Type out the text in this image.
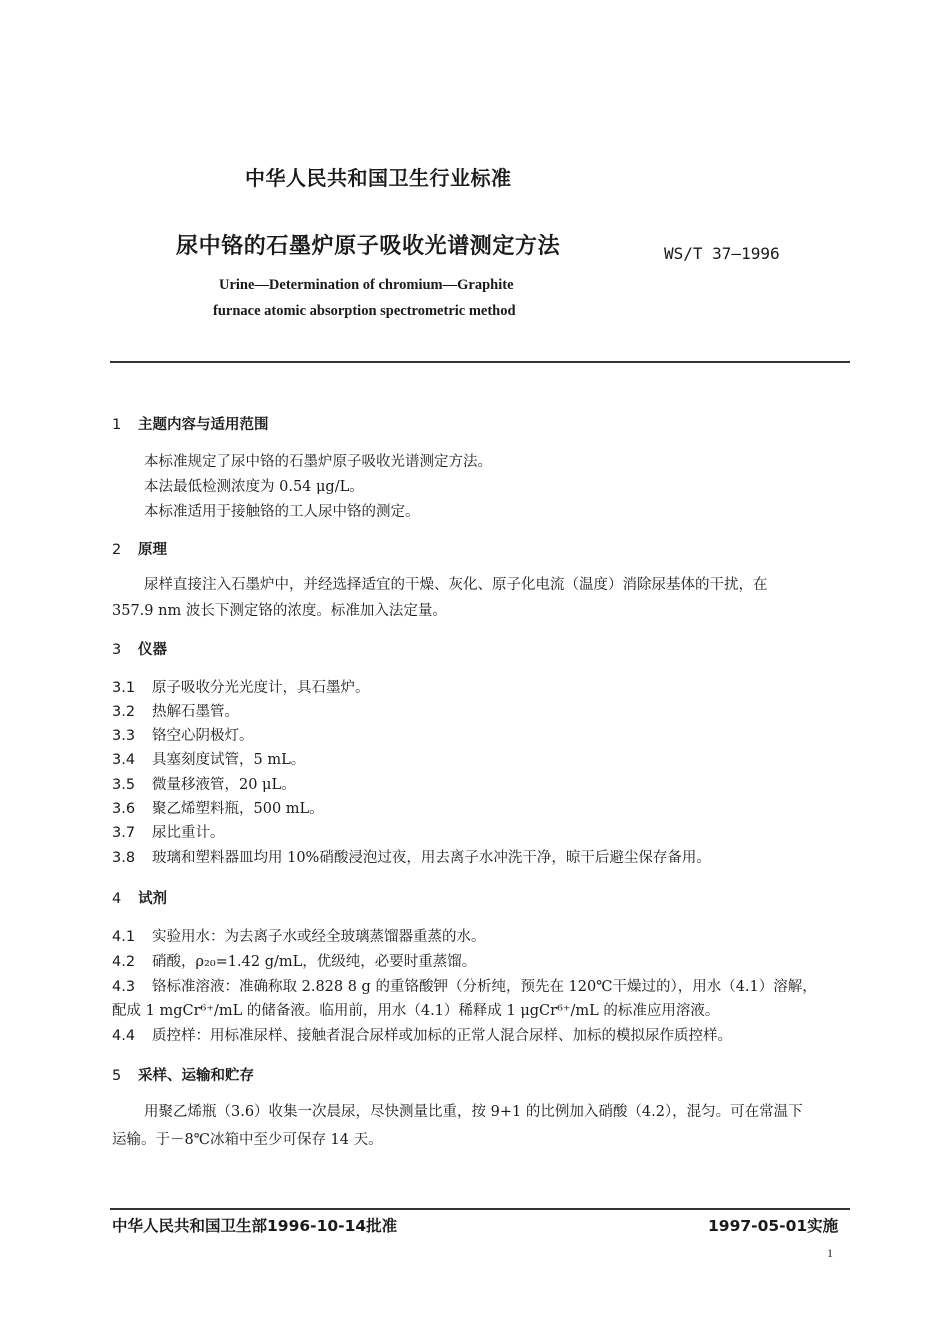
中华人民共和国卫生行业标准
尿中铬的石墨炉原子吸收光谱测定方法	WS/T 37—1996
Urine—Determination of chromium—Graphite
furnace atomic absorption spectrometric method
1 主题内容与适用范围
本标准规定了尿中铬的石墨炉原子吸收光谱测定方法。
本法最低检测浓度为 0.54 μg/L。
本标准适用于接触铬的工人尿中铬的测定。
2 原理
尿样直接注入石墨炉中，并经选择适宜的干燥、灰化、原子化电流（温度）消除尿基体的干扰，在
357.9 nm 波长下测定铬的浓度。标准加入法定量。
3 仪器
3.1 原子吸收分光光度计，具石墨炉。
3.2 热解石墨管。
3.3 铬空心阴极灯。
3.4 具塞刻度试管，5 mL。
3.5 微量移液管，20 μL。
3.6 聚乙烯塑料瓶，500 mL。
3.7 尿比重计。
3.8 玻璃和塑料器皿均用 10%硝酸浸泡过夜，用去离子水冲洗干净，晾干后避尘保存备用。
4 试剂
4.1 实验用水：为去离子水或经全玻璃蒸馏器重蒸的水。
4.2 硝酸，ρ₂₀=1.42 g/mL，优级纯，必要时重蒸馏。
4.3 铬标准溶液：准确称取 2.828 8 g 的重铬酸钾（分析纯，预先在 120℃干燥过的），用水（4.1）溶解，
配成 1 mgCr⁶⁺/mL 的储备液。临用前，用水（4.1）稀释成 1 μgCr⁶⁺/mL 的标准应用溶液。
4.4 质控样：用标准尿样、接触者混合尿样或加标的正常人混合尿样、加标的模拟尿作质控样。
5 采样、运输和贮存
用聚乙烯瓶（3.6）收集一次晨尿，尽快测量比重，按 9+1 的比例加入硝酸（4.2），混匀。可在常温下
运输。于－8℃冰箱中至少可保存 14 天。
中华人民共和国卫生部1996-10-14批准	1997-05-01实施
1
